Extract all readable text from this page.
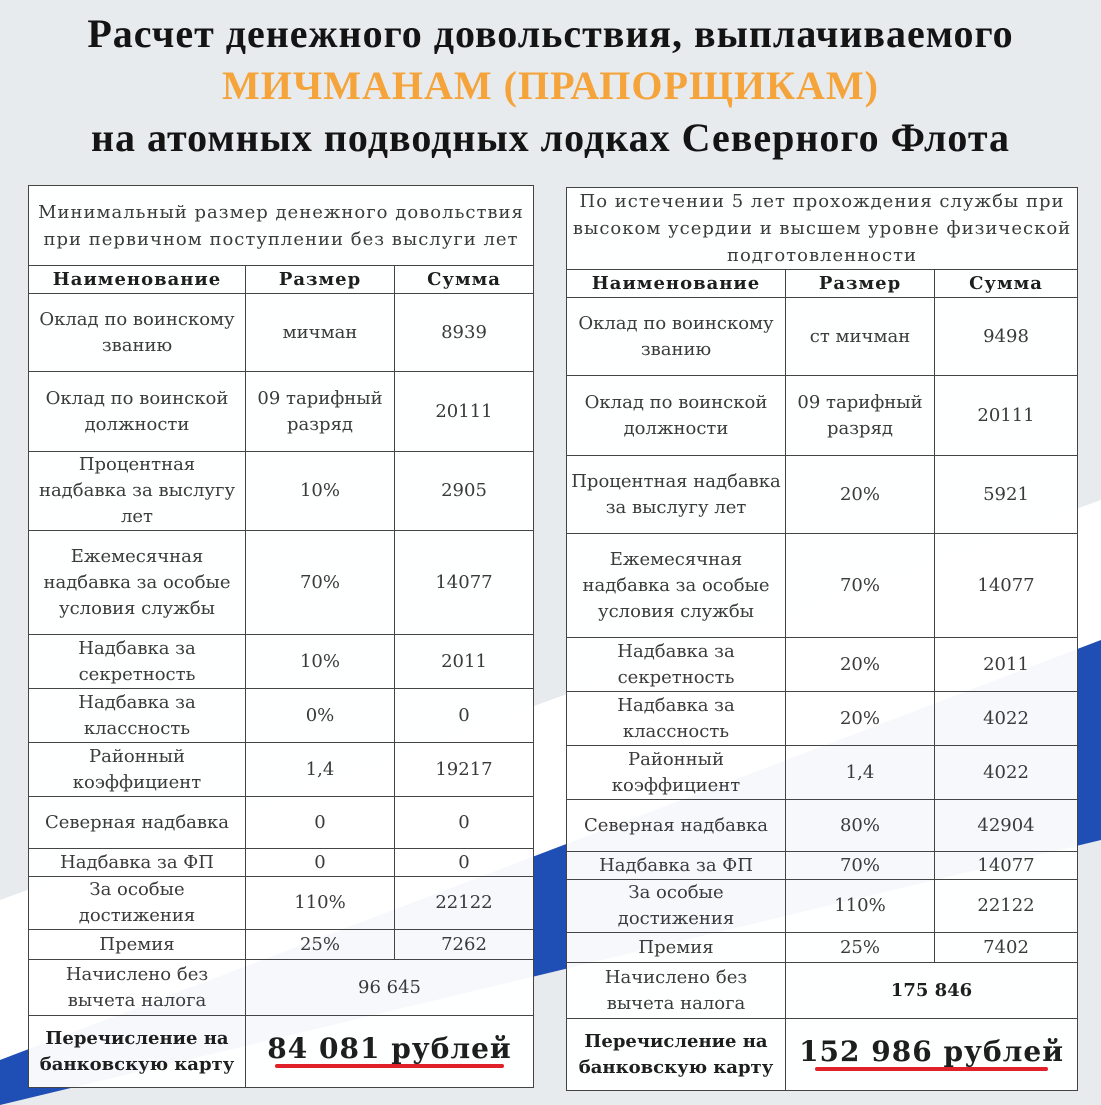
Расчет денежного довольствия, выплачиваемого
МИЧМАНАМ (ПРАПОРЩИКАМ)
на атомных подводных лодках Северного Флота
Минимальный размер денежного довольствия при первичном поступлении без выслуги лет		
Наименование	Размер	Сумма
Оклад по воинскому званию	мичман	8939
Оклад по воинской должности	09 тарифный разряд	20111
Процентная надбавка за выслугу лет	10%	2905
Ежемесячная надбавка за особые условия службы	70%	14077
Надбавка за секретность	10%	2011
Надбавка за классность	0%	0
Районный коэффициент	1,4	19217
Северная надбавка	0	0
Надбавка за ФП	0	0
За особые достижения	110%	22122
Премия	25%	7262
Начислено без вычета налога	96 645	
Перечисление на банковскую карту	84 081 рублей	
По истечении 5 лет прохождения службы при высоком усердии и высшем уровне физической подготовленности		
Наименование	Размер	Сумма
Оклад по воинскому званию	ст мичман	9498
Оклад по воинской должности	09 тарифный разряд	20111
Процентная надбавка за выслугу лет	20%	5921
Ежемесячная надбавка за особые условия службы	70%	14077
Надбавка за секретность	20%	2011
Надбавка за классность	20%	4022
Районный коэффициент	1,4	4022
Северная надбавка	80%	42904
Надбавка за ФП	70%	14077
За особые достижения	110%	22122
Премия	25%	7402
Начислено без вычета налога	175 846	
Перечисление на банковскую карту	152 986 рублей	
